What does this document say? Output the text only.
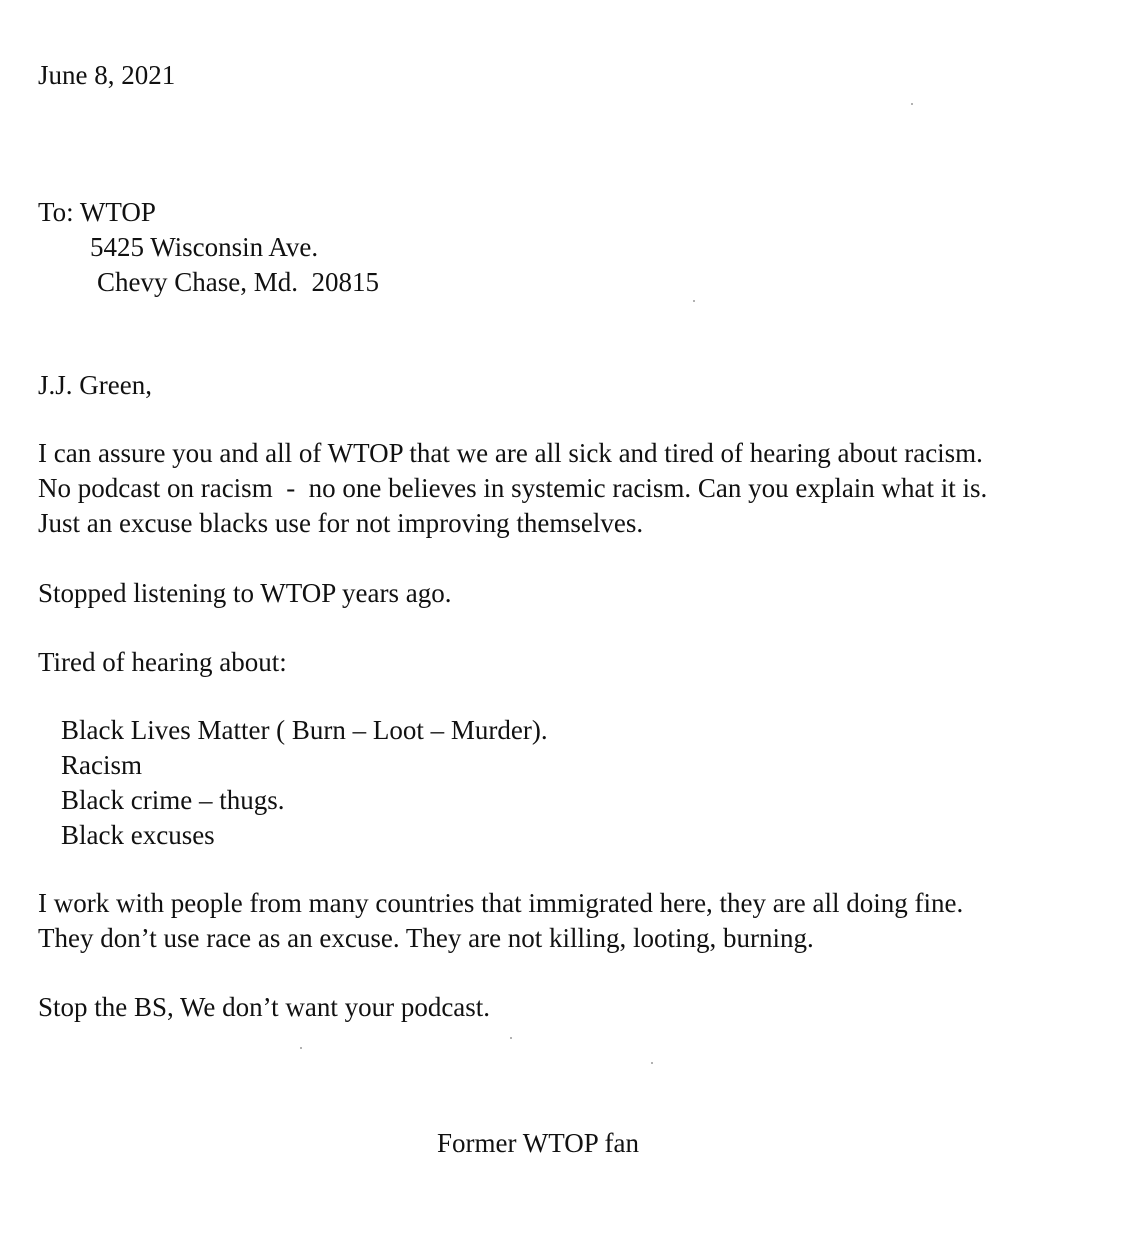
June 8, 2021

To: WTOP

5425 Wisconsin Ave.

Chevy Chase, Md.  20815

J.J. Green,

I can assure you and all of WTOP that we are all sick and tired of hearing about racism.

No podcast on racism  -  no one believes in systemic racism. Can you explain what it is.

Just an excuse blacks use for not improving themselves.

Stopped listening to WTOP years ago.

Tired of hearing about:

Black Lives Matter ( Burn – Loot – Murder).

Racism

Black crime – thugs.

Black excuses

I work with people from many countries that immigrated here, they are all doing fine.

They don’t use race as an excuse. They are not killing, looting, burning.

Stop the BS, We don’t want your podcast.

Former WTOP fan
